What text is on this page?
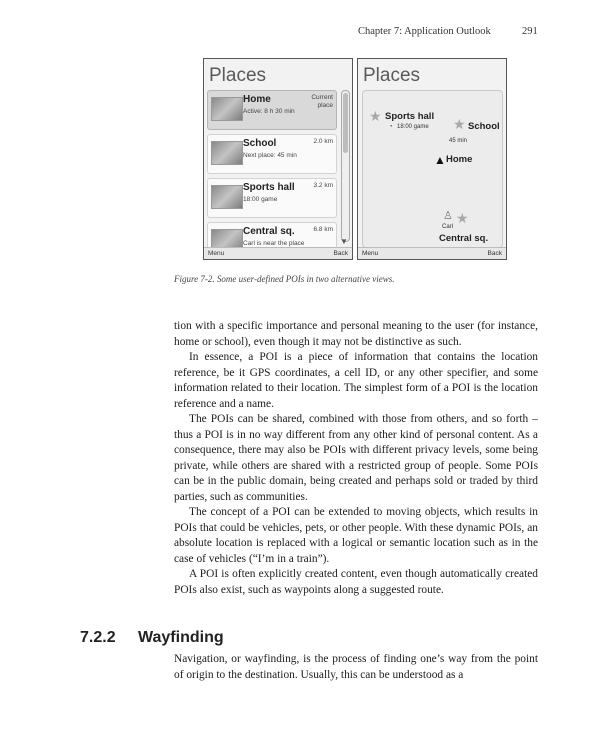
Chapter 7: Application Outlook	291
Places
Home
Active: 8 h 30 min
Current place
School
Next place: 45 min
2.0 km
Sports hall
18:00 game
3.2 km
Central sq.
Carl is near the place
6.8 km
▼
Menu	Back
Places
★ Sports hall
◔ 18:00 game ★ School
45 min
▲ Home
★
♙
Carl
Central sq.
Menu	Back
Figure 7-2. Some user-defined POIs in two alternative views.

tion with a specific importance and personal meaning to the user (for instance, home or school), even though it may not be distinctive as such.

In essence, a POI is a piece of information that contains the location reference, be it GPS coordinates, a cell ID, or any other specifier, and some information related to their location. The simplest form of a POI is the location reference and a name.

The POIs can be shared, combined with those from others, and so forth – thus a POI is in no way different from any other kind of personal content. As a consequence, there may also be POIs with different privacy levels, some being private, while others are shared with a restricted group of people. Some POIs can be in the public domain, being created and perhaps sold or traded by third parties, such as communities.

The concept of a POI can be extended to moving objects, which results in POIs that could be vehicles, pets, or other people. With these dynamic POIs, an absolute location is replaced with a logical or semantic location such as in the case of vehicles (“I’m in a train”).

A POI is often explicitly created content, even though automatically created POIs also exist, such as waypoints along a suggested route.

7.2.2 Wayfinding

Navigation, or wayfinding, is the process of finding one’s way from the point of origin to the destination. Usually, this can be understood as a
